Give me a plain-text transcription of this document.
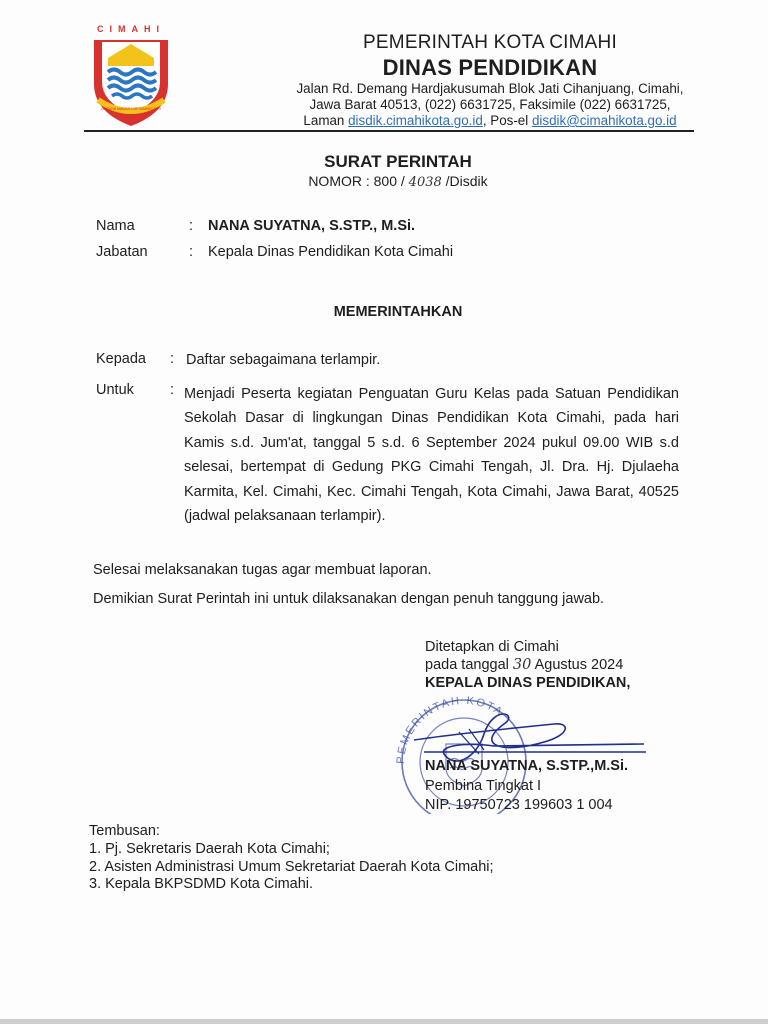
CIMAHI
GAPURA MAWAS DIRI MAWAS DIRI
PEMERINTAH KOTA CIMAHI
DINAS PENDIDIKAN
Jalan Rd. Demang Hardjakusumah Blok Jati Cihanjuang, Cimahi,
Jawa Barat 40513, (022) 6631725, Faksimile (022) 6631725,
Laman disdik.cimahikota.go.id, Pos-el disdik@cimahikota.go.id
SURAT PERINTAH
NOMOR : 800 / 4038 /Disdik
Nama	: NANA SUYATNA, S.STP., M.Si.
Jabatan	: Kepala Dinas Pendidikan Kota Cimahi
MEMERINTAHKAN
Kepada : Daftar sebagaimana terlampir.
Untuk : Menjadi Peserta kegiatan Penguatan Guru Kelas pada Satuan Pendidikan Sekolah Dasar di lingkungan Dinas Pendidikan Kota Cimahi, pada hari Kamis s.d. Jum'at, tanggal 5 s.d. 6 September 2024 pukul 09.00 WIB s.d selesai, bertempat di Gedung PKG Cimahi Tengah, Jl. Dra. Hj. Djulaeha Karmita, Kel. Cimahi, Kec. Cimahi Tengah, Kota Cimahi, Jawa Barat, 40525 (jadwal pelaksanaan terlampir).
Selesai melaksanakan tugas agar membuat laporan.
Demikian Surat Perintah ini untuk dilaksanakan dengan penuh tanggung jawab.
Ditetapkan di Cimahi
pada tanggal 30 Agustus 2024
KEPALA DINAS PENDIDIKAN,
PEMERINTAH KOTA
NANA SUYATNA, S.STP.,M.Si.
Pembina Tingkat I
NIP. 19750723 199603 1 004
Tembusan:
1. Pj. Sekretaris Daerah Kota Cimahi;
2. Asisten Administrasi Umum Sekretariat Daerah Kota Cimahi;
3. Kepala BKPSDMD Kota Cimahi.
